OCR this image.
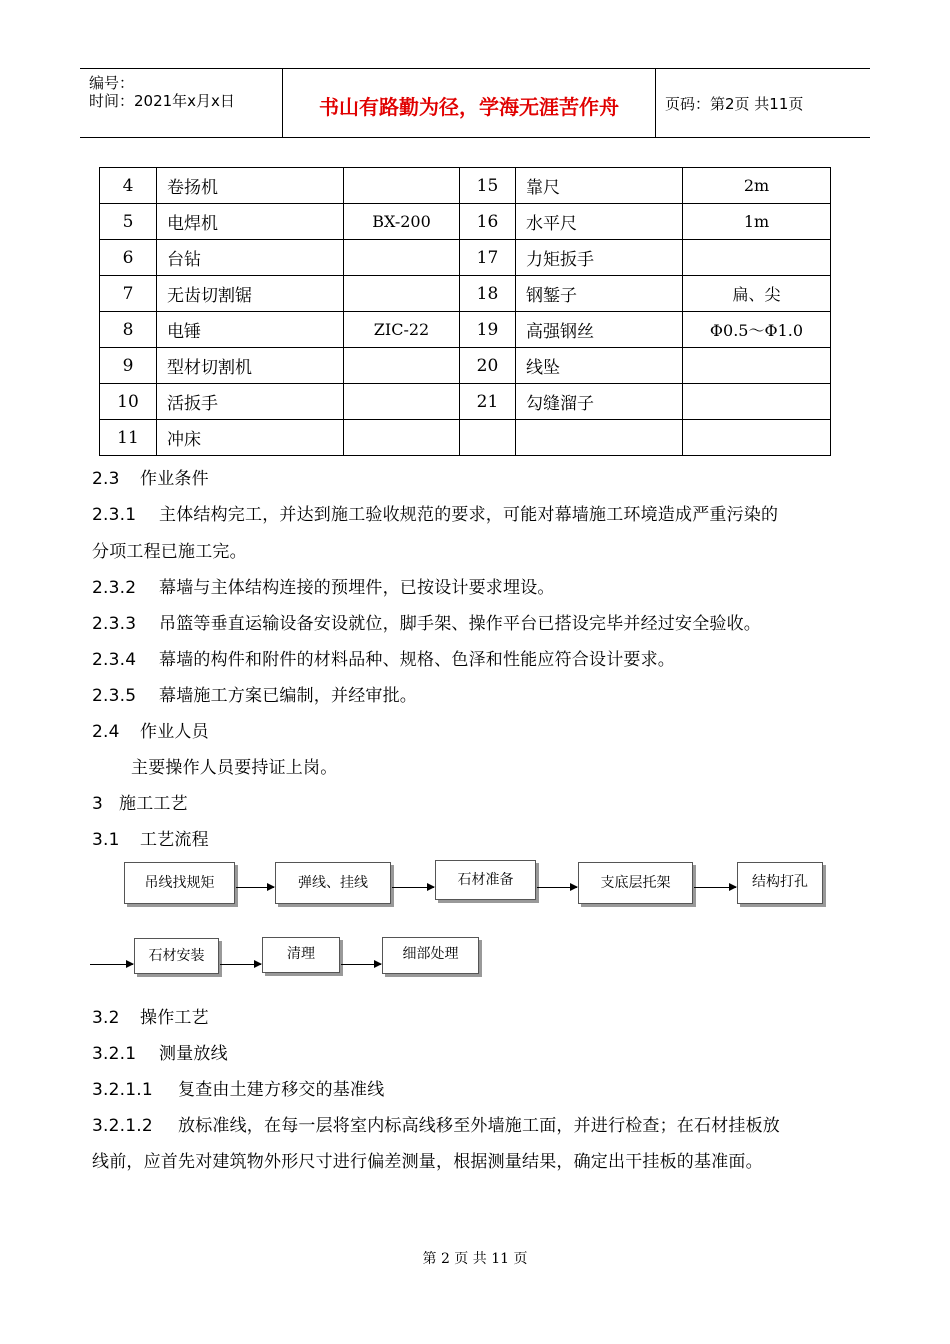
编号：
时间：2021年x月x日	书山有路勤为径，学海无涯苦作舟	页码：第2页 共11页
4	卷扬机		15	靠尺	2m
5	电焊机	BX-200	16	水平尺	1m
6	台钻		17	力矩扳手	
7	无齿切割锯		18	钢錾子	扁、尖
8	电锤	ZIC-22	19	高强钢丝	Φ0.5～Φ1.0
9	型材切割机		20	线坠	
10	活扳手		21	勾缝溜子	
11	冲床				
2.3 作业条件
2.3.1 主体结构完工，并达到施工验收规范的要求，可能对幕墙施工环境造成严重污染的
分项工程已施工完。
2.3.2 幕墙与主体结构连接的预埋件，已按设计要求埋设。
2.3.3 吊篮等垂直运输设备安设就位，脚手架、操作平台已搭设完毕并经过安全验收。
2.3.4 幕墙的构件和附件的材料品种、规格、色泽和性能应符合设计要求。
2.3.5 幕墙施工方案已编制，并经审批。
2.4 作业人员
主要操作人员要持证上岗。
3 施工工艺
3.1 工艺流程
吊线找规矩	弹线、挂线	石材准备	支底层托架	结构打孔
石材安装	清理	细部处理
3.2 操作工艺
3.2.1 测量放线
3.2.1.1 复查由土建方移交的基准线
3.2.1.2 放标准线，在每一层将室内标高线移至外墙施工面，并进行检查；在石材挂板放
线前，应首先对建筑物外形尺寸进行偏差测量，根据测量结果，确定出干挂板的基准面。
第 2 页 共 11 页
